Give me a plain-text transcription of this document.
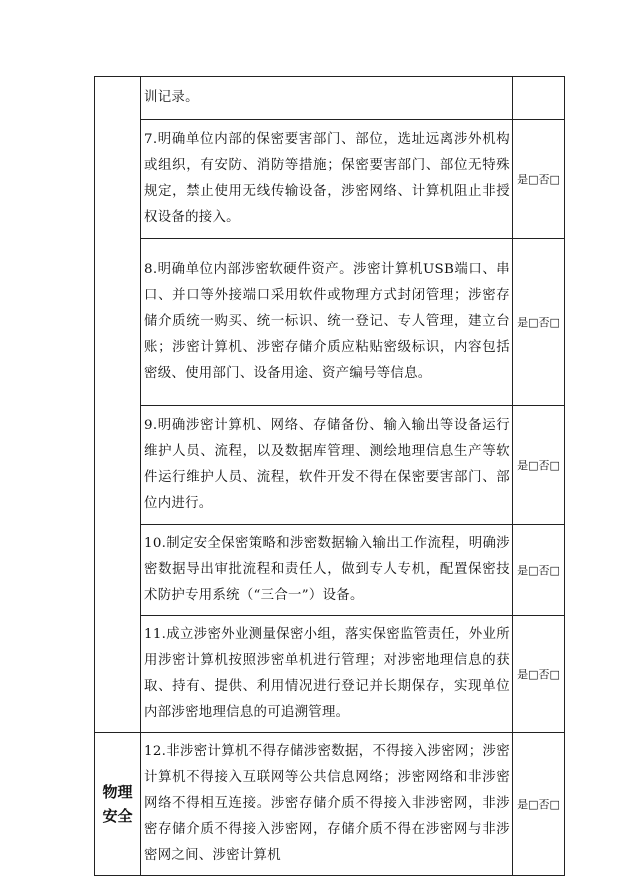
	训记录。	
	7.明确单位内部的保密要害部门、部位，选址远离涉外机构或组织，有安防、消防等措施；保密要害部门、部位无特殊规定，禁止使用无线传输设备，涉密网络、计算机阻止非授权设备的接入。	是□否□
	8.明确单位内部涉密软硬件资产。涉密计算机USB端口、串口、并口等外接端口采用软件或物理方式封闭管理；涉密存储介质统一购买、统一标识、统一登记、专人管理，建立台账；涉密计算机、涉密存储介质应粘贴密级标识，内容包括密级、使用部门、设备用途、资产编号等信息。	是□否□
	9.明确涉密计算机、网络、存储备份、输入输出等设备运行维护人员、流程，以及数据库管理、测绘地理信息生产等软件运行维护人员、流程，软件开发不得在保密要害部门、部位内进行。	是□否□
	10.制定安全保密策略和涉密数据输入输出工作流程，明确涉密数据导出审批流程和责任人，做到专人专机，配置保密技术防护专用系统（“三合一”）设备。	是□否□
	11.成立涉密外业测量保密小组，落实保密监管责任，外业所用涉密计算机按照涉密单机进行管理；对涉密地理信息的获取、持有、提供、利用情况进行登记并长期保存，实现单位内部涉密地理信息的可追溯管理。	是□否□

物理安全	12.非涉密计算机不得存储涉密数据，不得接入涉密网；涉密计算机不得接入互联网等公共信息网络；涉密网络和非涉密网络不得相互连接。涉密存储介质不得接入非涉密网，非涉密存储介质不得接入涉密网，存储介质不得在涉密网与非涉密网之间、涉密计算机	是□否□
